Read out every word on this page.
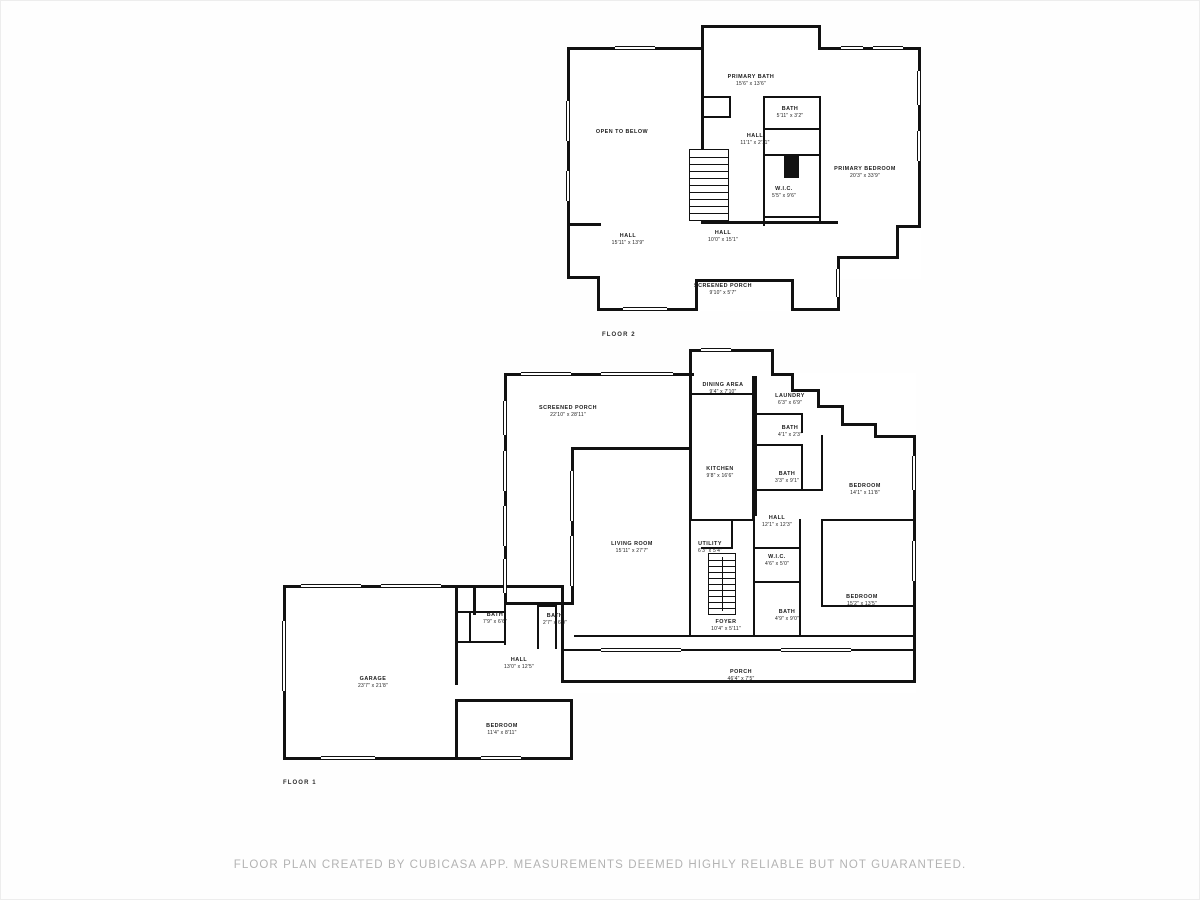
OPEN TO BELOW
PRIMARY BATH
15'6" x 13'6"
BATH
5'11" x 3'2"
HALL
11'1" x 2'11"
PRIMARY BEDROOM
20'3" x 33'9"
W.I.C.
5'5" x 9'6"
HALL
15'11" x 13'9"
HALL
10'0" x 15'1"
SCREENED PORCH
9'10" x 5'7"
FLOOR 2
DINING AREA
9'4" x 7'10"
LAUNDRY
6'3" x 6'9"
SCREENED PORCH
22'10" x 28'11"
BATH
4'1" x 2'3"
KITCHEN
9'8" x 16'6"	BATH
3'3" x 9'1"
BEDROOM
14'1" x 11'8"
HALL
12'1" x 12'3"
LIVING ROOM
15'11" x 27'7"
UTILITY
6'3" x 5'4"
W.I.C.
4'6" x 5'0"
BEDROOM
15'2" x 13'5"
BATH
7'9" x 6'6"
BATH
2'7" x 6'0"	FOYER
10'4" x 5'11"
BATH
4'9" x 9'0"
GARAGE
23'7" x 21'8"
HALL
13'0" x 12'5"
PORCH
46'4" x 7'5"
BEDROOM
11'4" x 8'11"
FLOOR 1
FLOOR PLAN CREATED BY CUBICASA APP. MEASUREMENTS DEEMED HIGHLY RELIABLE BUT NOT GUARANTEED.
